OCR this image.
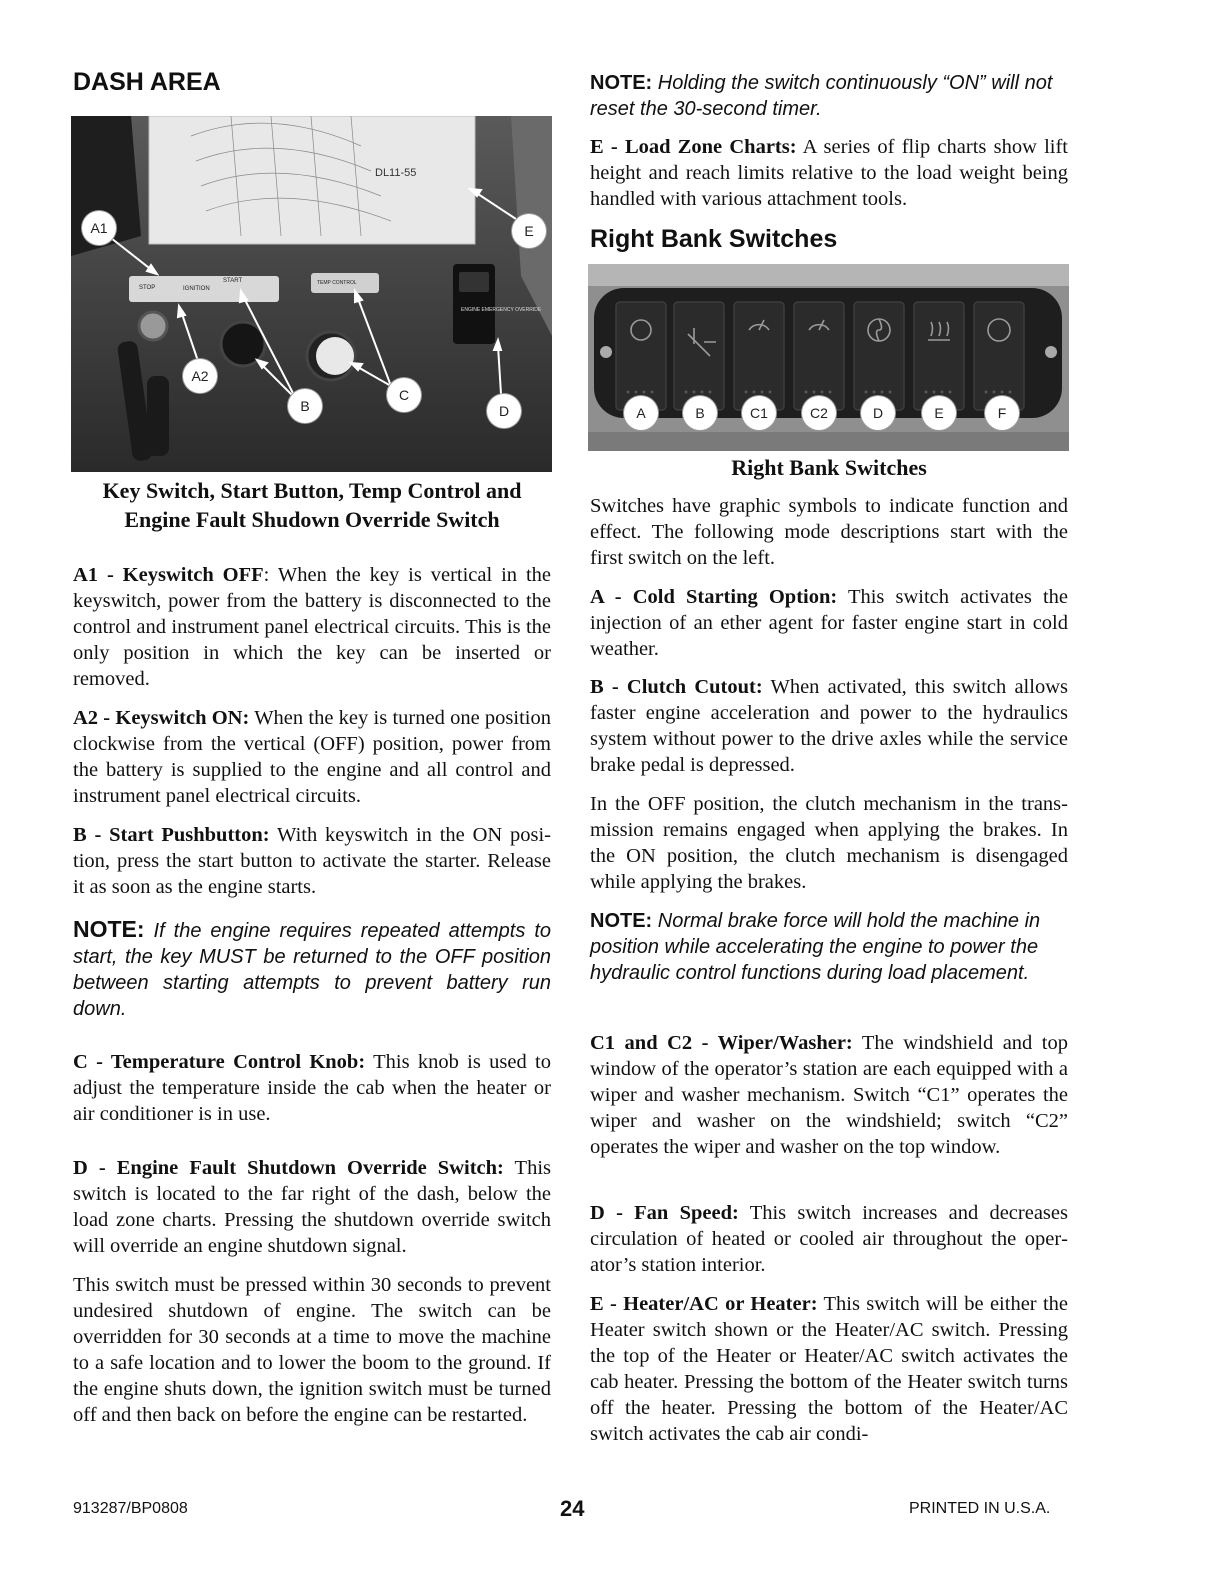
DASH AREA
DL11-55
STOP	IGNITION
START	TEMP CONTROL
ENGINE EMERGENCY OVERRIDE
A1	E
A2
B
C
D
Key Switch, Start Button, Temp Control and
Engine Fault Shudown Override Switch

A1 - Keyswitch OFF: When the key is vertical in the keyswitch, power from the battery is disconnected to the control and instrument panel electrical circuits. This is the only position in which the key can be inserted or removed.

A2 - Keyswitch ON: When the key is turned one position clockwise from the vertical (OFF) position, power from the battery is supplied to the engine and all control and instrument panel electrical circuits.

B - Start Pushbutton: With keyswitch in the ON position, press the start button to activate the starter. Release it as soon as the engine starts.

NOTE: If the engine requires repeated attempts to start, the key MUST be returned to the OFF position between starting attempts to prevent battery run down.

C - Temperature Control Knob: This knob is used to adjust the temperature inside the cab when the heater or air conditioner is in use.

D - Engine Fault Shutdown Override Switch: This switch is located to the far right of the dash, below the load zone charts. Pressing the shutdown override switch will override an engine shutdown signal.

This switch must be pressed within 30 seconds to prevent undesired shutdown of engine. The switch can be overridden for 30 seconds at a time to move the machine to a safe location and to lower the boom to the ground. If the engine shuts down, the ignition switch must be turned off and then back on before the engine can be restarted.

NOTE: Holding the switch continuously “ON” will not reset the 30-second timer.

E - Load Zone Charts: A series of flip charts show lift height and reach limits relative to the load weight being handled with various attachment tools.

Right Bank Switches
A	B	C1	C2	D	E	F
Right Bank Switches

Switches have graphic symbols to indicate function and effect. The following mode descriptions start with the first switch on the left.

A - Cold Starting Option: This switch activates the injection of an ether agent for faster engine start in cold weather.

B - Clutch Cutout: When activated, this switch allows faster engine acceleration and power to the hydraulics system without power to the drive axles while the service brake pedal is depressed.

In the OFF position, the clutch mechanism in the transmission remains engaged when applying the brakes. In the ON position, the clutch mechanism is disengaged while applying the brakes.

NOTE: Normal brake force will hold the machine in position while accelerating the engine to power the hydraulic control functions during load placement.

C1 and C2 - Wiper/Washer: The windshield and top window of the operator’s station are each equipped with a wiper and washer mechanism. Switch “C1” operates the wiper and washer on the windshield; switch “C2” operates the wiper and washer on the top window.

D - Fan Speed: This switch increases and decreases circulation of heated or cooled air throughout the operator’s station interior.

E - Heater/AC or Heater: This switch will be either the Heater switch shown or the Heater/AC switch. Pressing the top of the Heater or Heater/AC switch activates the cab heater. Pressing the bottom of the Heater switch turns off the heater. Pressing the bottom of the Heater/AC switch activates the cab air condi-

913287/BP0808	24	PRINTED IN U.S.A.
